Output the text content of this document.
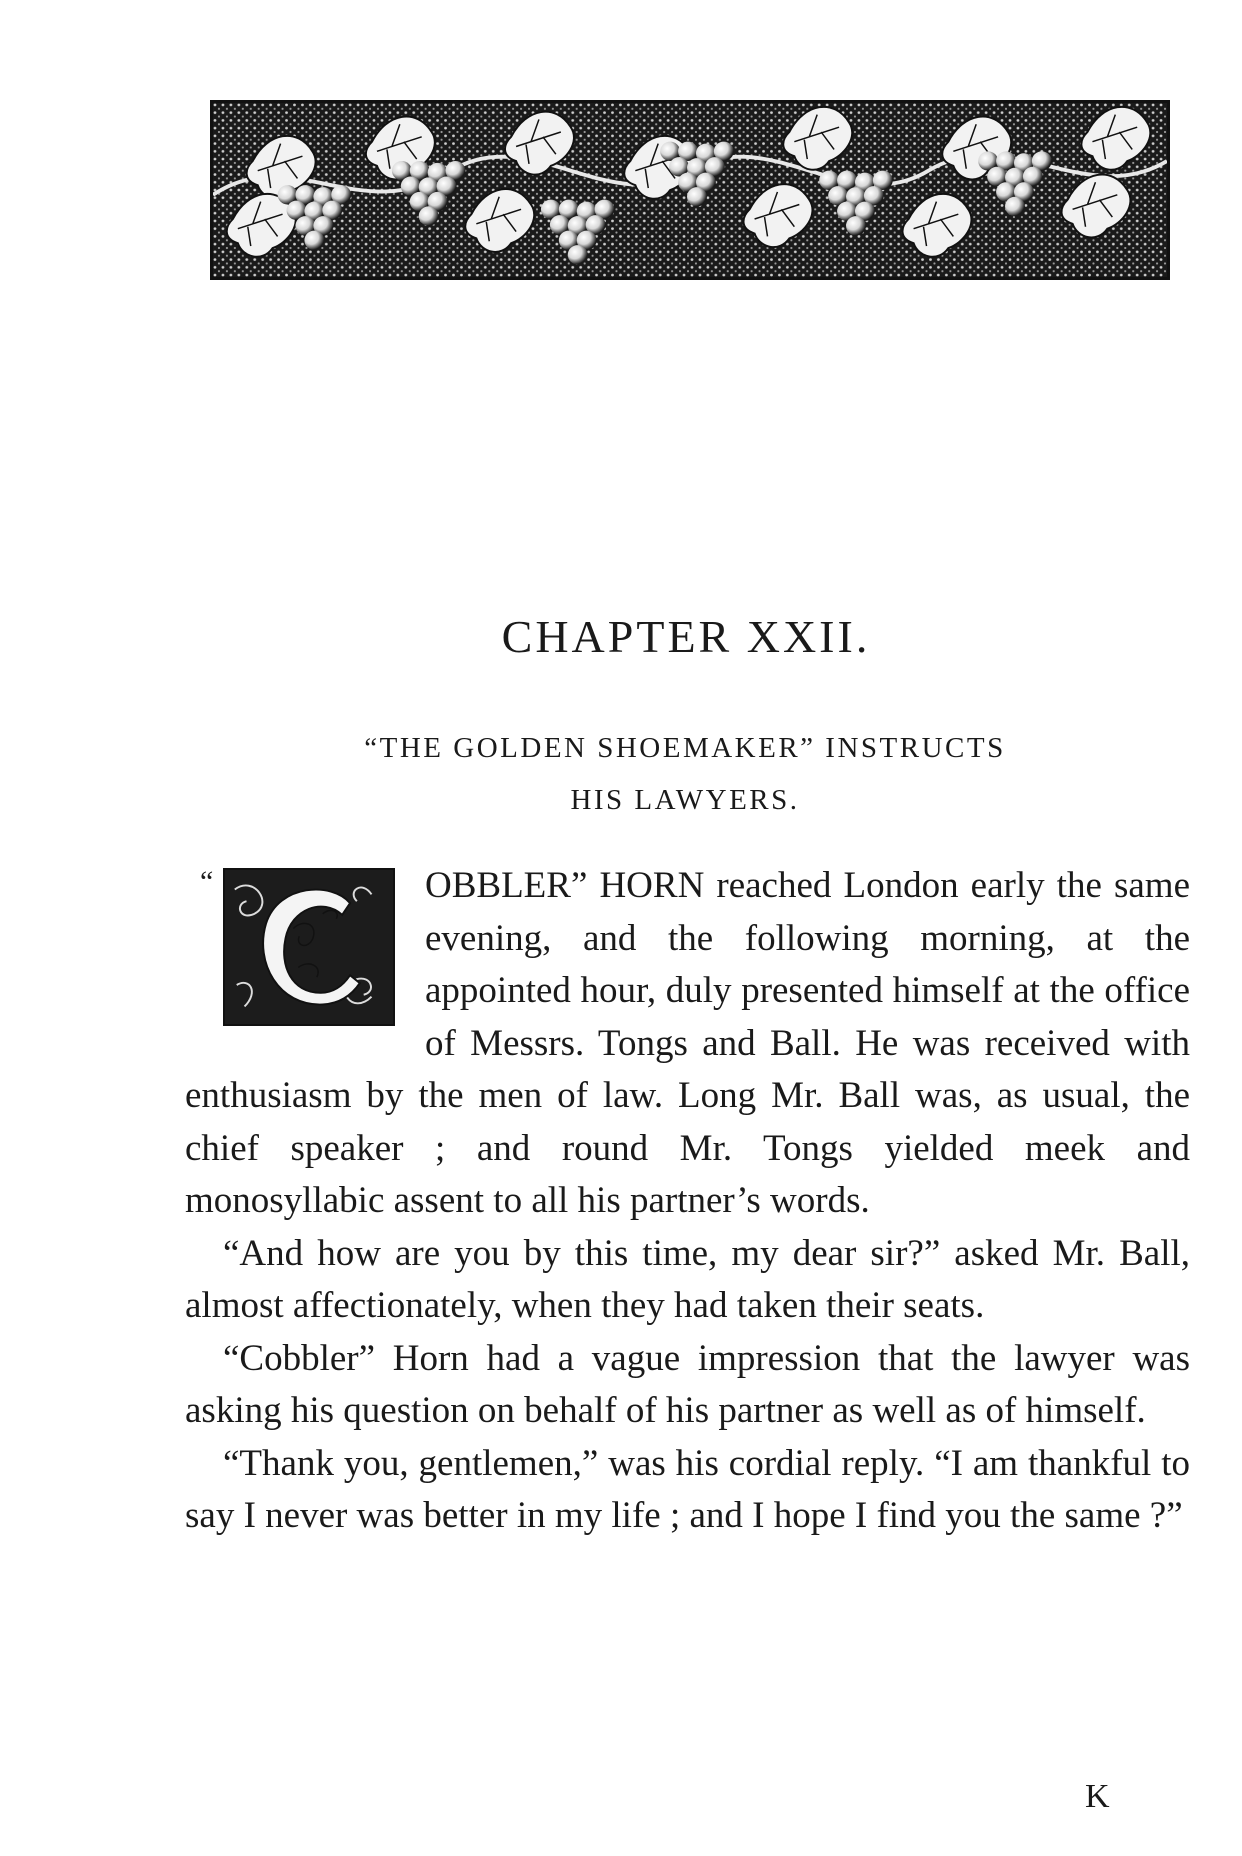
CHAPTER XXII.
“THE GOLDEN SHOEMAKER” INSTRUCTS
HIS LAWYERS.
“	OBBLER” HORN reached London early the same evening, and the following morning, at the appointed hour, duly presented himself at the office of Messrs. Tongs and Ball. He was received with enthusiasm by the men of law. Long Mr. Ball was, as usual, the chief speaker ; and round Mr. Tongs yielded meek and monosyllabic assent to all his partner’s words.

“And how are you by this time, my dear sir?” asked Mr. Ball, almost affectionately, when they had taken their seats.

“Cobbler” Horn had a vague impression that the lawyer was asking his question on behalf of his partner as well as of himself.

“Thank you, gentlemen,” was his cordial reply. “I am thankful to say I never was better in my life ; and I hope I find you the same ?”

K
